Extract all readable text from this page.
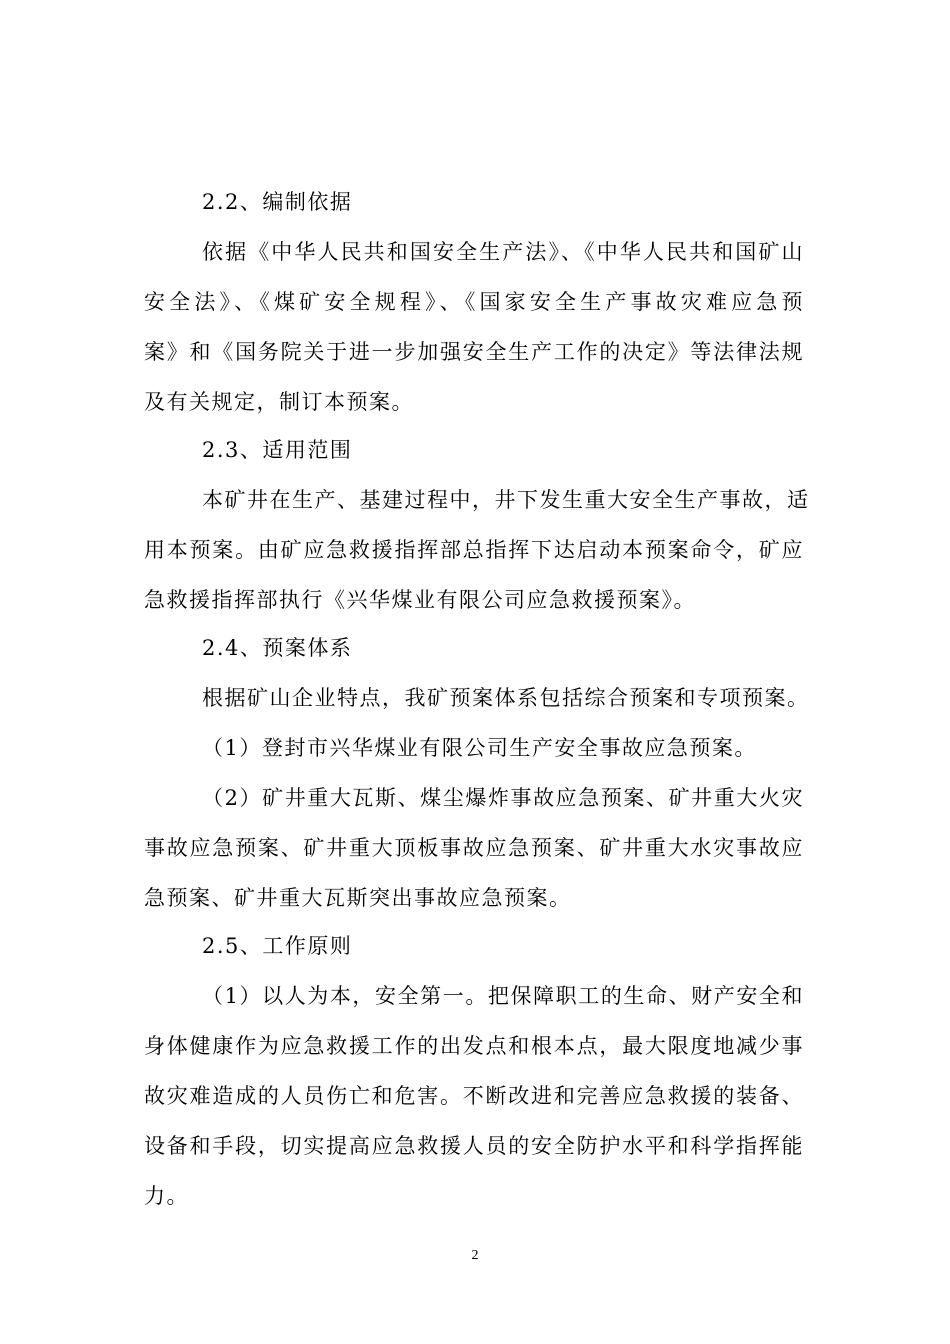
2.2、编制依据
依据《中华人民共和国安全生产法》、《中华人民共和国矿山
安全法》、《煤矿安全规程》、《国家安全生产事故灾难应急预
案》和《国务院关于进一步加强安全生产工作的决定》等法律法规
及有关规定，制订本预案。
2.3、适用范围
本矿井在生产、基建过程中，井下发生重大安全生产事故，适
用本预案。由矿应急救援指挥部总指挥下达启动本预案命令，矿应
急救援指挥部执行《兴华煤业有限公司应急救援预案》。
2.4、预案体系
根据矿山企业特点，我矿预案体系包括综合预案和专项预案。
（1）登封市兴华煤业有限公司生产安全事故应急预案。
（2）矿井重大瓦斯、煤尘爆炸事故应急预案、矿井重大火灾
事故应急预案、矿井重大顶板事故应急预案、矿井重大水灾事故应
急预案、矿井重大瓦斯突出事故应急预案。
2.5、工作原则
（1）以人为本，安全第一。把保障职工的生命、财产安全和
身体健康作为应急救援工作的出发点和根本点，最大限度地减少事
故灾难造成的人员伤亡和危害。不断改进和完善应急救援的装备、
设备和手段，切实提高应急救援人员的安全防护水平和科学指挥能
力。
2
